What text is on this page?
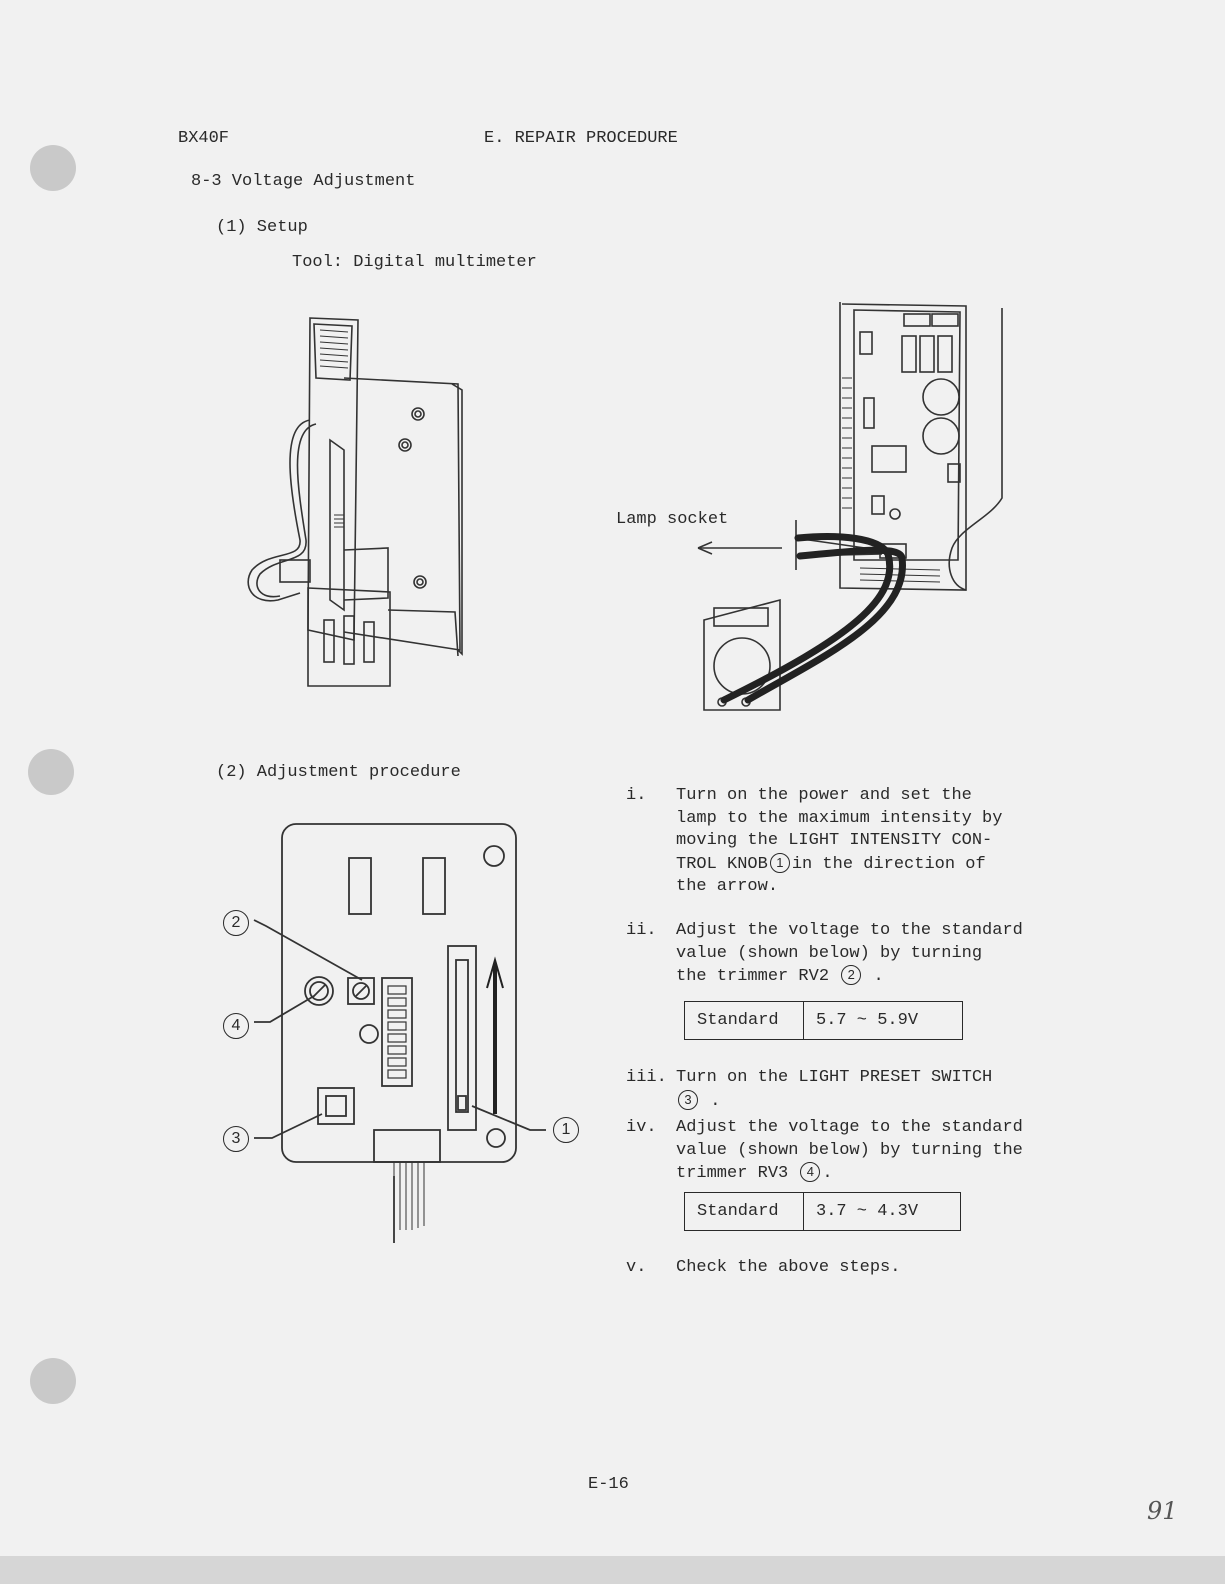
BX40F	E. REPAIR PROCEDURE
8-3 Voltage Adjustment
(1) Setup
Tool: Digital multimeter
Lamp socket
(2) Adjustment procedure
2
4
3
1
i.	Turn on the power and set the
lamp to the maximum intensity by
moving the LIGHT INTENSITY CON-
TROL KNOB 1 in the direction of
the arrow.
ii.	Adjust the voltage to the standard
value (shown below) by turning
the trimmer RV2 2 .
Standard	5.7 ~ 5.9V
iii. Turn on the LIGHT PRESET SWITCH
3 .
iv.	Adjust the voltage to the standard
value (shown below) by turning the
trimmer RV3 4 .
Standard	3.7 ~ 4.3V
v.	Check the above steps.
E-16
91
